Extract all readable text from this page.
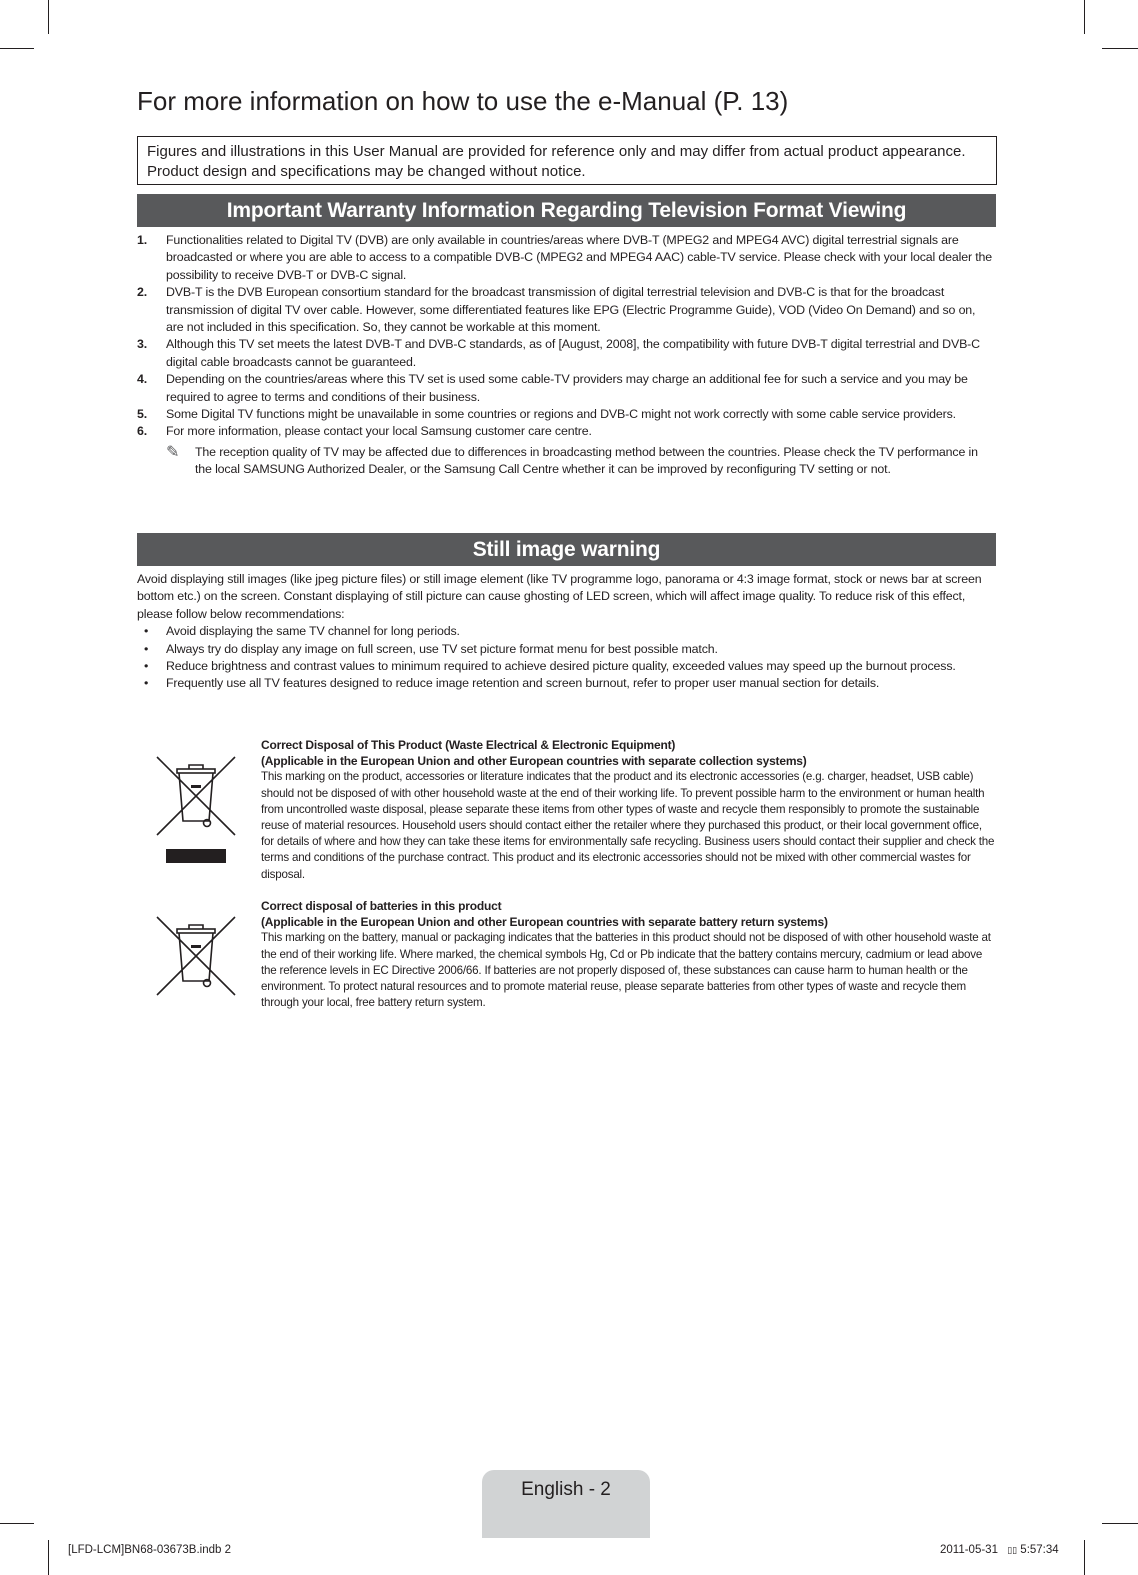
For more information on how to use the e-Manual (P. 13)
Figures and illustrations in this User Manual are provided for reference only and may differ from actual product appearance.
Product design and specifications may be changed without notice.
Important Warranty Information Regarding Television Format Viewing
1. Functionalities related to Digital TV (DVB) are only available in countries/areas where DVB-T (MPEG2 and MPEG4 AVC) digital terrestrial signals are broadcasted or where you are able to access to a compatible DVB-C (MPEG2 and MPEG4 AAC) cable-TV service. Please check with your local dealer the possibility to receive DVB-T or DVB-C signal.
2. DVB-T is the DVB European consortium standard for the broadcast transmission of digital terrestrial television and DVB-C is that for the broadcast transmission of digital TV over cable. However, some differentiated features like EPG (Electric Programme Guide), VOD (Video On Demand) and so on, are not included in this specification. So, they cannot be workable at this moment.
3. Although this TV set meets the latest DVB-T and DVB-C standards, as of [August, 2008], the compatibility with future DVB-T digital terrestrial and DVB-C digital cable broadcasts cannot be guaranteed.
4. Depending on the countries/areas where this TV set is used some cable-TV providers may charge an additional fee for such a service and you may be required to agree to terms and conditions of their business.
5. Some Digital TV functions might be unavailable in some countries or regions and DVB-C might not work correctly with some cable service providers.
6. For more information, please contact your local Samsung customer care centre.
✎ The reception quality of TV may be affected due to differences in broadcasting method between the countries. Please check the TV performance in the local SAMSUNG Authorized Dealer, or the Samsung Call Centre whether it can be improved by reconfiguring TV setting or not.
Still image warning

Avoid displaying still images (like jpeg picture files) or still image element (like TV programme logo, panorama or 4:3 image format, stock or news bar at screen bottom etc.) on the screen. Constant displaying of still picture can cause ghosting of LED screen, which will affect image quality. To reduce risk of this effect, please follow below recommendations:

• Avoid displaying the same TV channel for long periods.
• Always try do display any image on full screen, use TV set picture format menu for best possible match.
• Reduce brightness and contrast values to minimum required to achieve desired picture quality, exceeded values may speed up the burnout process.
• Frequently use all TV features designed to reduce image retention and screen burnout, refer to proper user manual section for details.
Correct Disposal of This Product (Waste Electrical & Electronic Equipment)
(Applicable in the European Union and other European countries with separate collection systems)
This marking on the product, accessories or literature indicates that the product and its electronic accessories (e.g. charger, headset, USB cable) should not be disposed of with other household waste at the end of their working life. To prevent possible harm to the environment or human health from uncontrolled waste disposal, please separate these items from other types of waste and recycle them responsibly to promote the sustainable reuse of material resources. Household users should contact either the retailer where they purchased this product, or their local government office, for details of where and how they can take these items for environmentally safe recycling. Business users should contact their supplier and check the terms and conditions of the purchase contract. This product and its electronic accessories should not be mixed with other commercial wastes for disposal.
Correct disposal of batteries in this product
(Applicable in the European Union and other European countries with separate battery return systems)
This marking on the battery, manual or packaging indicates that the batteries in this product should not be disposed of with other household waste at the end of their working life. Where marked, the chemical symbols Hg, Cd or Pb indicate that the battery contains mercury, cadmium or lead above the reference levels in EC Directive 2006/66. If batteries are not properly disposed of, these substances can cause harm to human health or the environment. To protect natural resources and to promote material reuse, please separate batteries from other types of waste and recycle them through your local, free battery return system.
English - 2
[LFD-LCM]BN68-03673B.indb 2	2011-05-31 ▯▯ 5:57:34
